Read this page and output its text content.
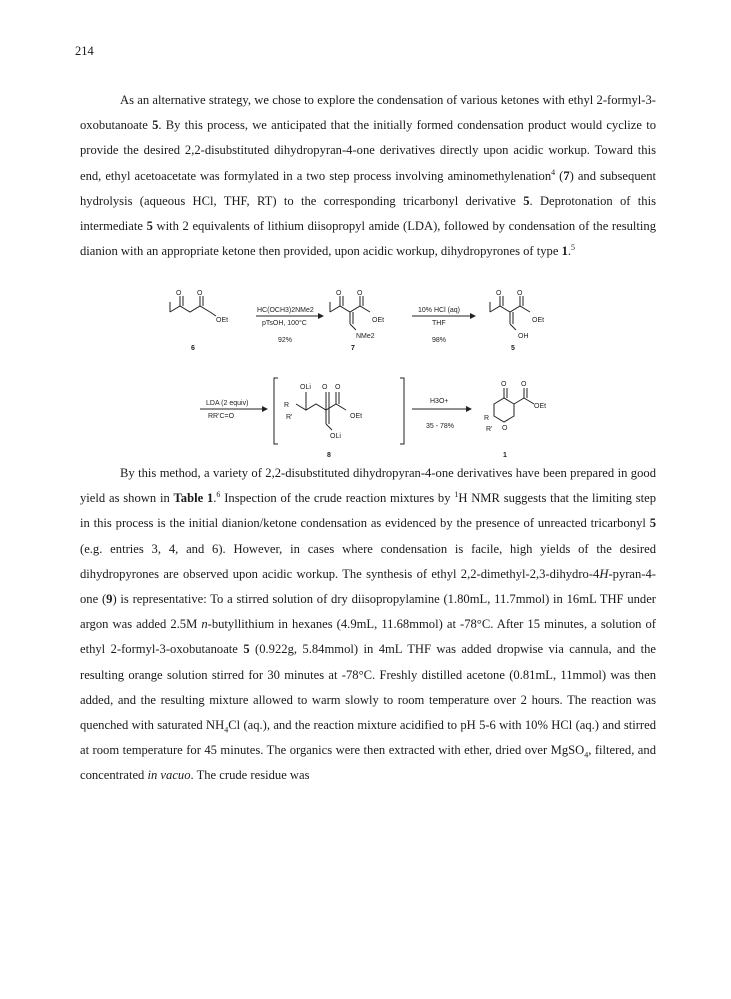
214

As an alternative strategy, we chose to explore the condensation of various ketones with ethyl 2-formyl-3-oxobutanoate 5. By this process, we anticipated that the initially formed condensation product would cyclize to provide the desired 2,2-disubstituted dihydropyran-4-one derivatives directly upon acidic workup. Toward this end, ethyl acetoacetate was formylated in a two step process involving aminomethylenation$^4$ (7) and subsequent hydrolysis (aqueous HCl, THF, RT) to the corresponding tricarbonyl derivative 5. Deprotonation of this intermediate 5 with 2 equivalents of lithium diisopropyl amide (LDA), followed by condensation of the resulting dianion with an appropriate ketone then provided, upon acidic workup, dihydropyrones of type 1.$^5$

O O
OEt
6
HC(OCH3)2NMe2
pTsOH, 100°C
92%
O O
OEt
NMe2
7
10% HCl (aq)
THF
98%
O O
OEt
OH
5
LDA (2 equiv)
RR'C=O
OLi O O
R
R'	OEt
OLi
8
H3O+
35 - 78%
O O
OEt
O
R
R'
1

By this method, a variety of 2,2-disubstituted dihydropyran-4-one derivatives have been prepared in good yield as shown in Table 1.$^6$ Inspection of the crude reaction mixtures by $^1$H NMR suggests that the limiting step in this process is the initial dianion/ketone condensation as evidenced by the presence of unreacted tricarbonyl 5 (e.g. entries 3, 4, and 6). However, in cases where condensation is facile, high yields of the desired dihydropyrones are observed upon acidic workup. The synthesis of ethyl 2,2-dimethyl-2,3-dihydro-4H-pyran-4-one (9) is representative: To a stirred solution of dry diisopropylamine (1.80mL, 11.7mmol) in 16mL THF under argon was added 2.5M n-butyllithium in hexanes (4.9mL, 11.68mmol) at -78°C. After 15 minutes, a solution of ethyl 2-formyl-3-oxobutanoate 5 (0.922g, 5.84mmol) in 4mL THF was added dropwise via cannula, and the resulting orange solution stirred for 30 minutes at -78°C. Freshly distilled acetone (0.81mL, 11mmol) was then added, and the resulting mixture allowed to warm slowly to room temperature over 2 hours. The reaction was quenched with saturated $NH_4Cl$ (aq.), and the reaction mixture acidified to pH 5-6 with 10% HCl (aq.) and stirred at room temperature for 45 minutes. The organics were then extracted with ether, dried over MgSO$_4$, filtered, and concentrated in vacuo. The crude residue was
